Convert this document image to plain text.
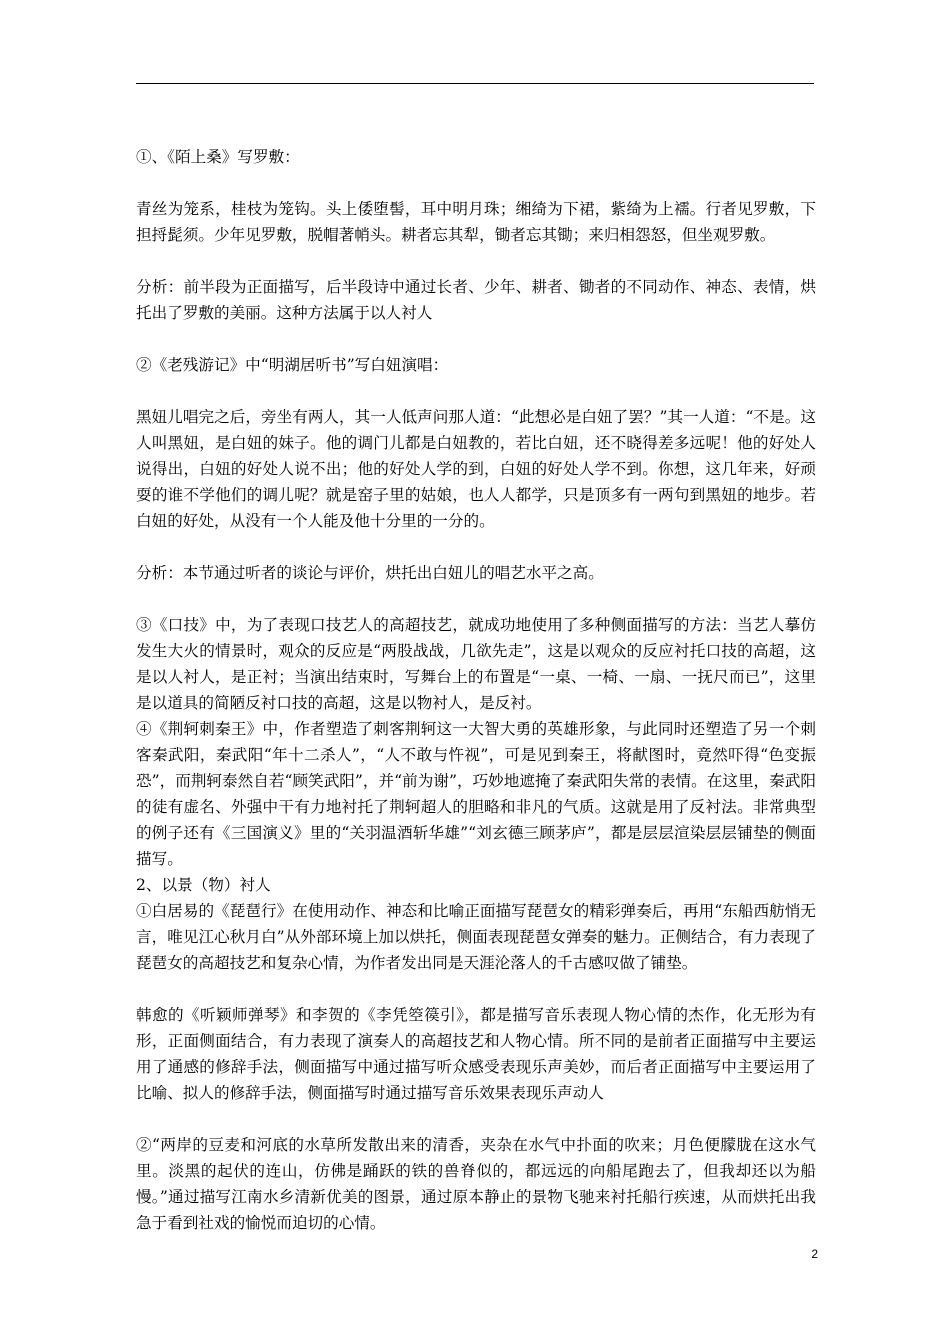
①、《陌上桑》写罗敷：

青丝为笼系，桂枝为笼钩。头上倭堕髻，耳中明月珠；缃绮为下裙，紫绮为上襦。行者见罗敷，下担捋髭须。少年见罗敷，脱帽著帩头。耕者忘其犁，锄者忘其锄；来归相怨怒，但坐观罗敷。

分析：前半段为正面描写，后半段诗中通过长者、少年、耕者、锄者的不同动作、神态、表情，烘托出了罗敷的美丽。这种方法属于以人衬人

②《老残游记》中“明湖居听书”写白妞演唱：

黑妞儿唱完之后，旁坐有两人，其一人低声问那人道：“此想必是白妞了罢？”其一人道：“不是。这人叫黑妞，是白妞的妹子。他的调门儿都是白妞教的，若比白妞，还不晓得差多远呢！他的好处人说得出，白妞的好处人说不出；他的好处人学的到，白妞的好处人学不到。你想，这几年来，好顽耍的谁不学他们的调儿呢？就是窑子里的姑娘，也人人都学，只是顶多有一两句到黑妞的地步。若白妞的好处，从没有一个人能及他十分里的一分的。

分析：本节通过听者的谈论与评价，烘托出白妞儿的唱艺水平之高。

③《口技》中，为了表现口技艺人的高超技艺，就成功地使用了多种侧面描写的方法：当艺人摹仿发生大火的情景时，观众的反应是“两股战战，几欲先走”，这是以观众的反应衬托口技的高超，这是以人衬人，是正衬；当演出结束时，写舞台上的布置是“一桌、一椅、一扇、一抚尺而已”，这里是以道具的简陋反衬口技的高超，这是以物衬人，是反衬。

④《荆轲刺秦王》中，作者塑造了刺客荆轲这一大智大勇的英雄形象，与此同时还塑造了另一个刺客秦武阳，秦武阳“年十二杀人”，“人不敢与忤视”，可是见到秦王，将献图时，竟然吓得“色变振恐”，而荆轲泰然自若“顾笑武阳”，并“前为谢”，巧妙地遮掩了秦武阳失常的表情。在这里，秦武阳的徒有虚名、外强中干有力地衬托了荆轲超人的胆略和非凡的气质。这就是用了反衬法。非常典型的例子还有《三国演义》里的“关羽温酒斩华雄”“刘玄德三顾茅庐”，都是层层渲染层层铺垫的侧面描写。

2、以景（物）衬人

①白居易的《琵琶行》在使用动作、神态和比喻正面描写琵琶女的精彩弹奏后，再用“东船西舫悄无言，唯见江心秋月白”从外部环境上加以烘托，侧面表现琵琶女弹奏的魅力。正侧结合，有力表现了琵琶女的高超技艺和复杂心情，为作者发出同是天涯沦落人的千古感叹做了铺垫。

韩愈的《听颖师弹琴》和李贺的《李凭箜篌引》，都是描写音乐表现人物心情的杰作，化无形为有形，正面侧面结合，有力表现了演奏人的高超技艺和人物心情。所不同的是前者正面描写中主要运用了通感的修辞手法，侧面描写中通过描写听众感受表现乐声美妙，而后者正面描写中主要运用了比喻、拟人的修辞手法，侧面描写时通过描写音乐效果表现乐声动人

②“两岸的豆麦和河底的水草所发散出来的清香，夹杂在水气中扑面的吹来；月色便朦胧在这水气里。淡黑的起伏的连山，仿佛是踊跃的铁的兽脊似的，都远远的向船尾跑去了，但我却还以为船慢。”通过描写江南水乡清新优美的图景，通过原本静止的景物飞驰来衬托船行疾速，从而烘托出我急于看到社戏的愉悦而迫切的心情。

2
